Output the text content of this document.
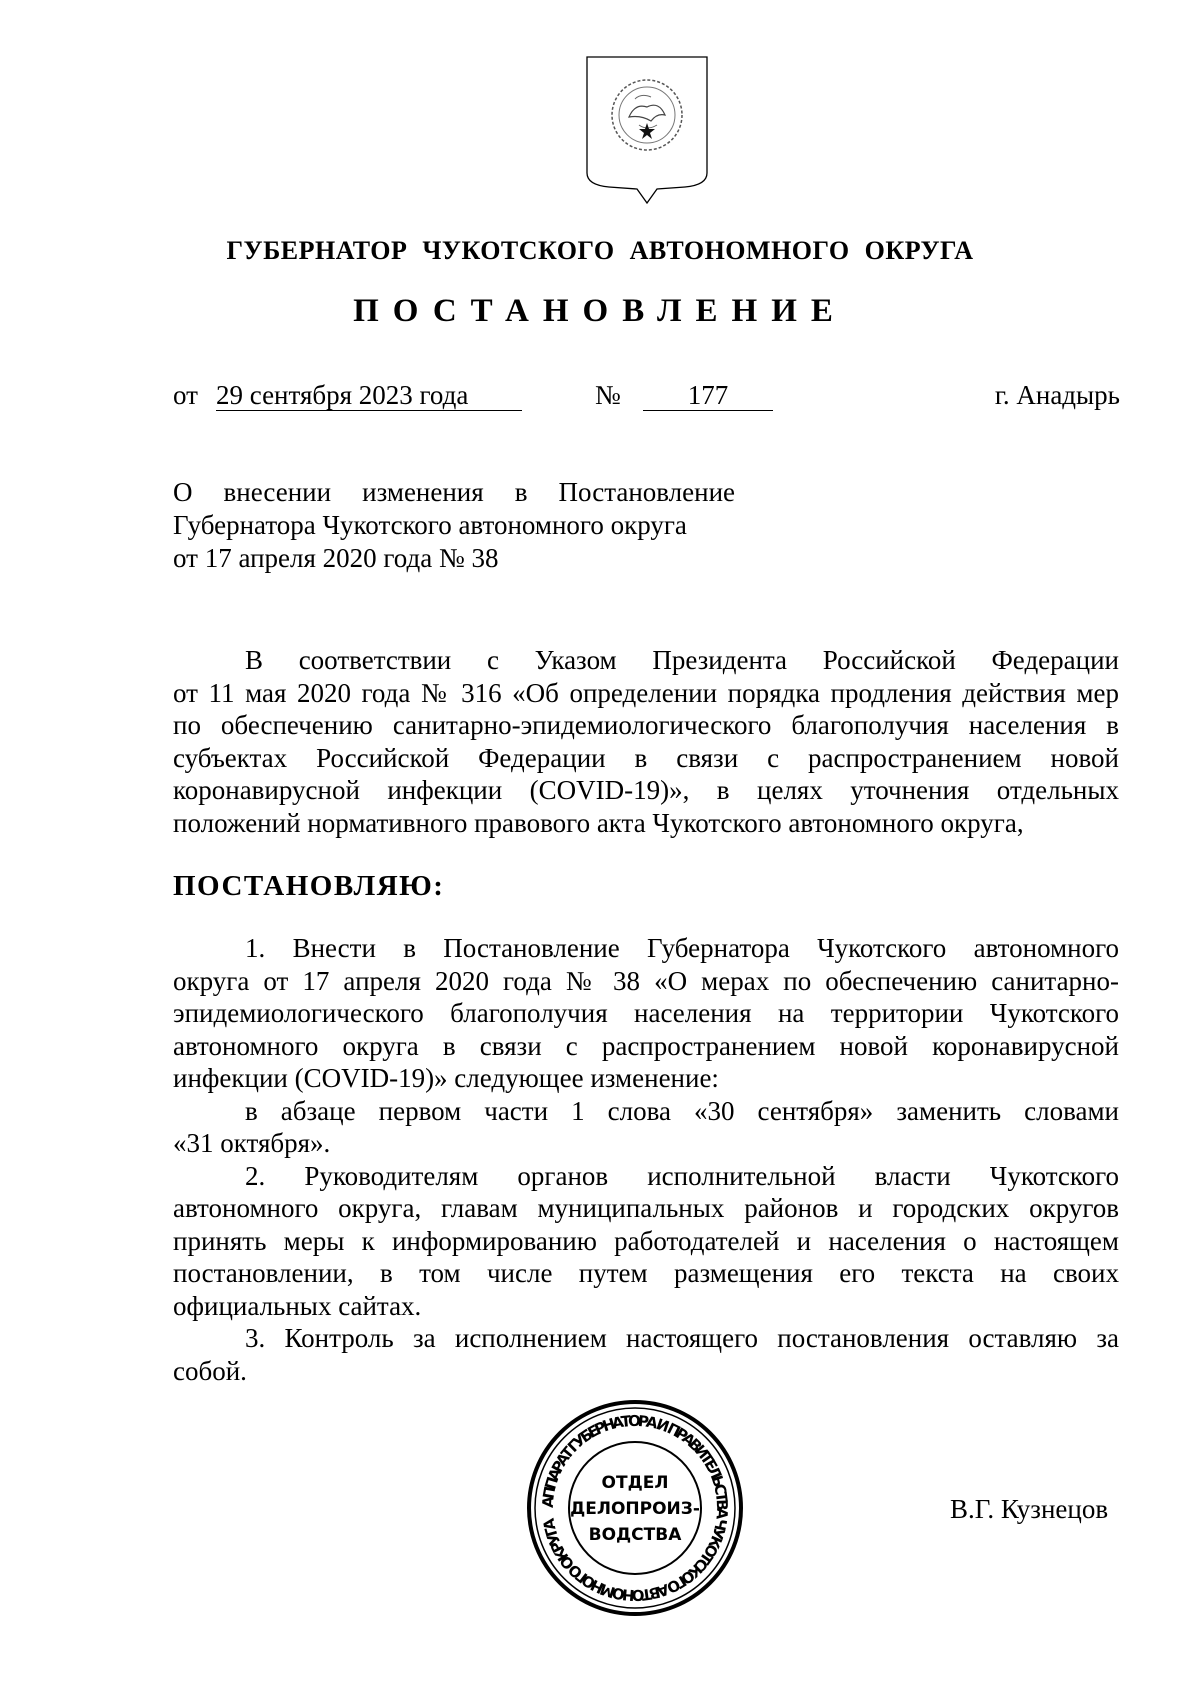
ГУБЕРНАТОР ЧУКОТСКОГО АВТОНОМНОГО ОКРУГА
ПОСТАНОВЛЕНИЕ
от 29 сентября 2023 года	№	177	г. Анадырь
О внесении изменения в Постановление
Губернатора Чукотского автономного округа
от 17 апреля 2020 года № 38
В соответствии с Указом Президента Российской Федерации
от 11 мая 2020 года № 316 «Об определении порядка продления действия мер
по обеспечению санитарно-эпидемиологического благополучия населения в
субъектах Российской Федерации в связи с распространением новой
коронавирусной инфекции (COVID-19)», в целях уточнения отдельных
положений нормативного правового акта Чукотского автономного округа,
ПОСТАНОВЛЯЮ:
1. Внести в Постановление Губернатора Чукотского автономного
округа от 17 апреля 2020 года № 38 «О мерах по обеспечению санитарно-
эпидемиологического благополучия населения на территории Чукотского
автономного округа в связи с распространением новой коронавирусной
инфекции (COVID-19)» следующее изменение:
в абзаце первом части 1 слова «30 сентября» заменить словами
«31 октября».
2. Руководителям органов исполнительной власти Чукотского
автономного округа, главам муниципальных районов и городских округов
принять меры к информированию работодателей и населения о настоящем
постановлении, в том числе путем размещения его текста на своих
официальных сайтах.
3. Контроль за исполнением настоящего постановления оставляю за
собой.
АППАРАТ ГУБЕРНАТОРА И ПРАВИТЕЛЬСТВА ЧУКОТСКОГО АВТОНОМНОГО ОКРУГА
ОТДЕЛ
ДЕЛОПРОИЗ-
ВОДСТВА
В.Г. Кузнецов
